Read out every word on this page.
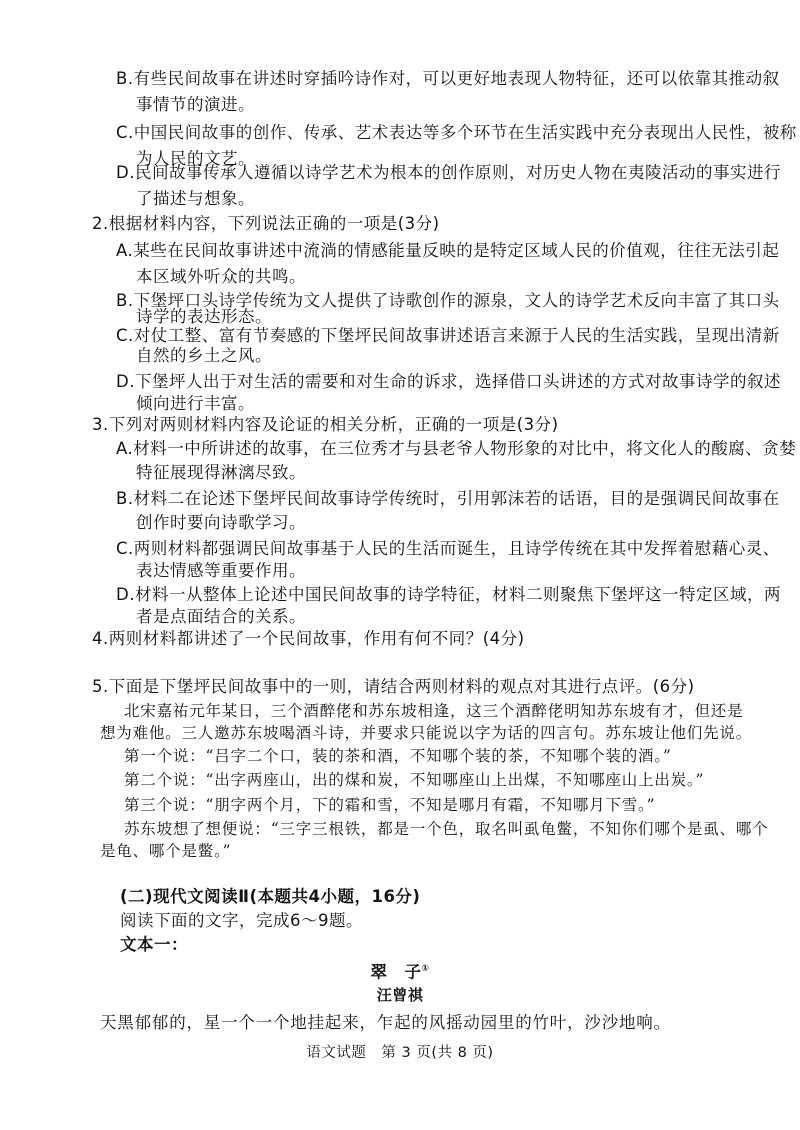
B.有些民间故事在讲述时穿插吟诗作对，可以更好地表现人物特征，还可以依靠其推动叙
事情节的演进。
C.中国民间故事的创作、传承、艺术表达等多个环节在生活实践中充分表现出人民性，被称
为人民的文艺。
D.民间故事传承人遵循以诗学艺术为根本的创作原则，对历史人物在夷陵活动的事实进行
了描述与想象。
2.根据材料内容，下列说法正确的一项是(3分)
A.某些在民间故事讲述中流淌的情感能量反映的是特定区域人民的价值观，往往无法引起
本区域外听众的共鸣。
B.下堡坪口头诗学传统为文人提供了诗歌创作的源泉，文人的诗学艺术反向丰富了其口头
诗学的表达形态。
C.对仗工整、富有节奏感的下堡坪民间故事讲述语言来源于人民的生活实践，呈现出清新
自然的乡土之风。
D.下堡坪人出于对生活的需要和对生命的诉求，选择借口头讲述的方式对故事诗学的叙述
倾向进行丰富。
3.下列对两则材料内容及论证的相关分析，正确的一项是(3分)
A.材料一中所讲述的故事，在三位秀才与县老爷人物形象的对比中，将文化人的酸腐、贪婪
特征展现得淋漓尽致。
B.材料二在论述下堡坪民间故事诗学传统时，引用郭沫若的话语，目的是强调民间故事在
创作时要向诗歌学习。
C.两则材料都强调民间故事基于人民的生活而诞生，且诗学传统在其中发挥着慰藉心灵、
表达情感等重要作用。
D.材料一从整体上论述中国民间故事的诗学特征，材料二则聚焦下堡坪这一特定区域，两
者是点面结合的关系。
4.两则材料都讲述了一个民间故事，作用有何不同？(4分)
5.下面是下堡坪民间故事中的一则，请结合两则材料的观点对其进行点评。(6分)
北宋嘉祐元年某日，三个酒醉佬和苏东坡相逢，这三个酒醉佬明知苏东坡有才，但还是
想为难他。三人邀苏东坡喝酒斗诗，并要求只能说以字为话的四言句。苏东坡让他们先说。
第一个说：“吕字二个口，装的茶和酒，不知哪个装的茶，不知哪个装的酒。”
第二个说：“出字两座山，出的煤和炭，不知哪座山上出煤，不知哪座山上出炭。”
第三个说：“朋字两个月，下的霜和雪，不知是哪月有霜，不知哪月下雪。”
苏东坡想了想便说：“三字三根铁，都是一个色，取名叫虱龟鳖，不知你们哪个是虱、哪个
是龟、哪个是鳖。”
(二)现代文阅读Ⅱ(本题共4小题，16分)
阅读下面的文字，完成6～9题。
文本一：
翠　子①
汪曾祺
天黑郁郁的，星一个一个地挂起来，乍起的风摇动园里的竹叶，沙沙地响。
语文试题　第 3 页(共 8 页)
